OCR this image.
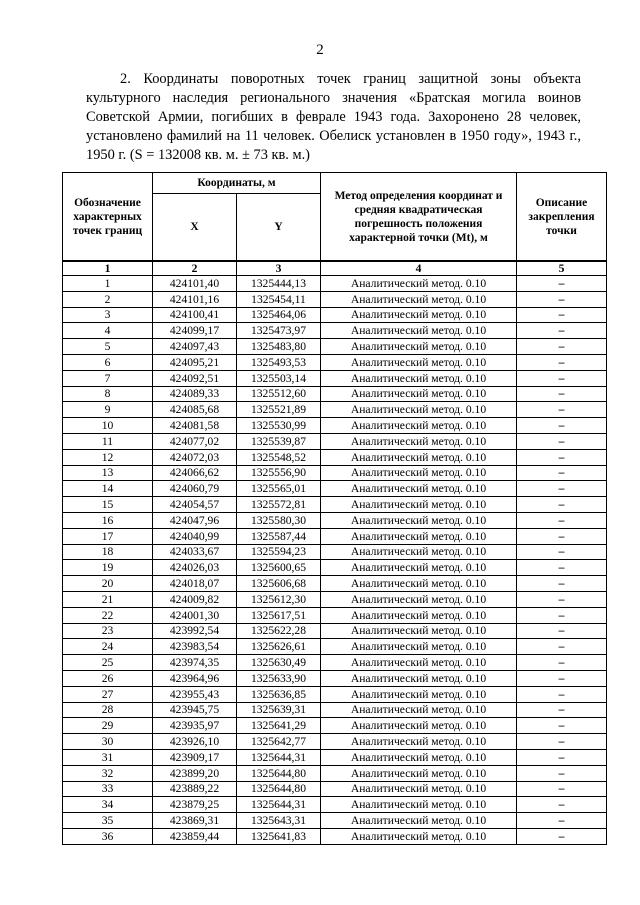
2

2. Координаты поворотных точек границ защитной зоны объекта культурного наследия регионального значения «Братская могила воинов Советской Армии, погибших в феврале 1943 года. Захоронено 28 человек, установлено фамилий на 11 человек. Обелиск установлен в 1950 году», 1943 г., 1950 г. (S = 132008 кв. м. ± 73 кв. м.)

Обозначение характерных точек границ	Координаты, м		Метод определения координат и средняя квадратическая погрешность положения характерной точки (Mt), м	Описание закрепления точки
	X	Y		
1	2	3	4	5
1	424101,40	1325444,13	Аналитический метод. 0.10	–
2	424101,16	1325454,11	Аналитический метод. 0.10	–
3	424100,41	1325464,06	Аналитический метод. 0.10	–
4	424099,17	1325473,97	Аналитический метод. 0.10	–
5	424097,43	1325483,80	Аналитический метод. 0.10	–
6	424095,21	1325493,53	Аналитический метод. 0.10	–
7	424092,51	1325503,14	Аналитический метод. 0.10	–
8	424089,33	1325512,60	Аналитический метод. 0.10	–
9	424085,68	1325521,89	Аналитический метод. 0.10	–
10	424081,58	1325530,99	Аналитический метод. 0.10	–
11	424077,02	1325539,87	Аналитический метод. 0.10	–
12	424072,03	1325548,52	Аналитический метод. 0.10	–
13	424066,62	1325556,90	Аналитический метод. 0.10	–
14	424060,79	1325565,01	Аналитический метод. 0.10	–
15	424054,57	1325572,81	Аналитический метод. 0.10	–
16	424047,96	1325580,30	Аналитический метод. 0.10	–
17	424040,99	1325587,44	Аналитический метод. 0.10	–
18	424033,67	1325594,23	Аналитический метод. 0.10	–
19	424026,03	1325600,65	Аналитический метод. 0.10	–
20	424018,07	1325606,68	Аналитический метод. 0.10	–
21	424009,82	1325612,30	Аналитический метод. 0.10	–
22	424001,30	1325617,51	Аналитический метод. 0.10	–
23	423992,54	1325622,28	Аналитический метод. 0.10	–
24	423983,54	1325626,61	Аналитический метод. 0.10	–
25	423974,35	1325630,49	Аналитический метод. 0.10	–
26	423964,96	1325633,90	Аналитический метод. 0.10	–
27	423955,43	1325636,85	Аналитический метод. 0.10	–
28	423945,75	1325639,31	Аналитический метод. 0.10	–
29	423935,97	1325641,29	Аналитический метод. 0.10	–
30	423926,10	1325642,77	Аналитический метод. 0.10	–
31	423909,17	1325644,31	Аналитический метод. 0.10	–
32	423899,20	1325644,80	Аналитический метод. 0.10	–
33	423889,22	1325644,80	Аналитический метод. 0.10	–
34	423879,25	1325644,31	Аналитический метод. 0.10	–
35	423869,31	1325643,31	Аналитический метод. 0.10	–
36	423859,44	1325641,83	Аналитический метод. 0.10	–
